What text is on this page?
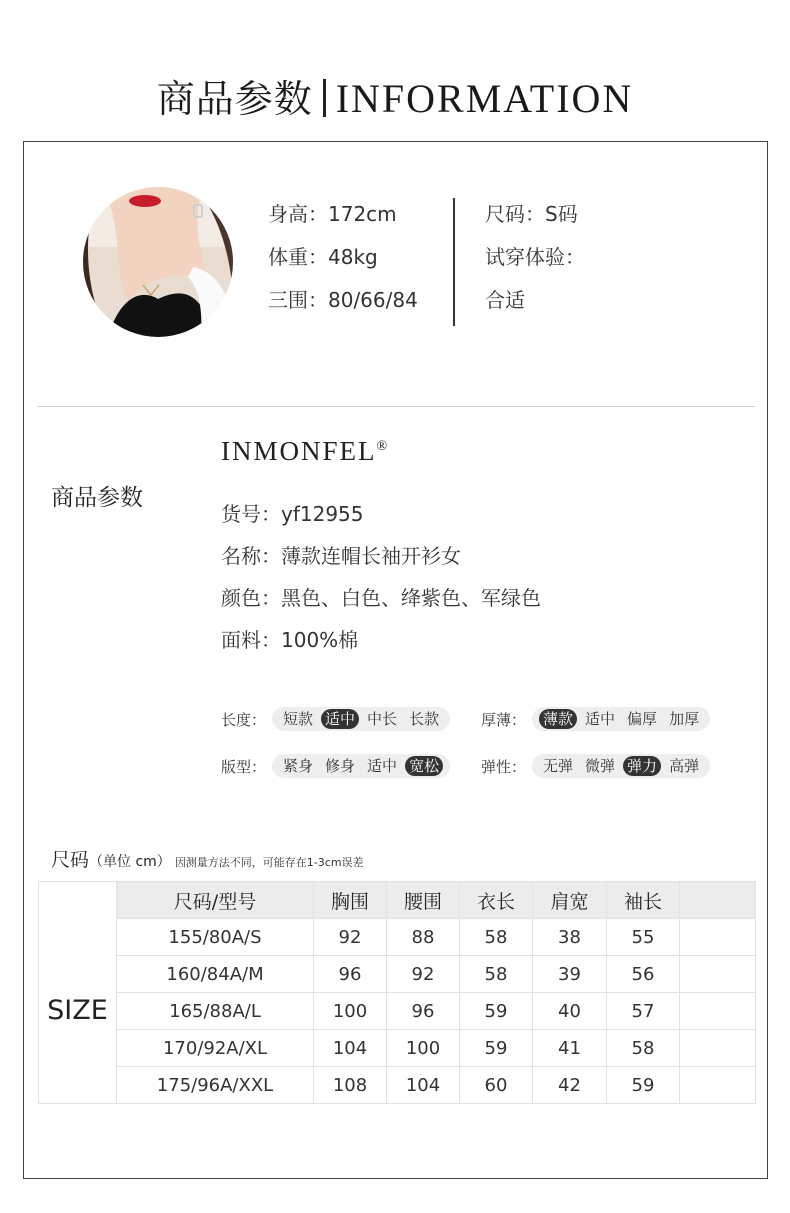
商品参数 INFORMATION
身高：172cm
体重：48kg
三围：80/66/84
尺码：S码
试穿体验：
合适
INMONFEL®
商品参数
货号：yf12955
名称：薄款连帽长袖开衫女
颜色：黑色、白色、绛紫色、军绿色
面料：100%棉
长度： 短款 适中 中长 长款	厚薄： 薄款 适中 偏厚 加厚
版型： 紧身 修身 适中 宽松	弹性： 无弹 微弹 弹力 高弹
尺码（单位 cm） 因测量方法不同，可能存在1-3cm误差
	尺码/型号	胸围	腰围	衣长	肩宽	袖长	
SIZE	155/80A/S	92	88	58	38	55	
	160/84A/M	96	92	58	39	56	
	165/88A/L	100	96	59	40	57	
	170/92A/XL	104	100	59	41	58	
	175/96A/XXL	108	104	60	42	59	
